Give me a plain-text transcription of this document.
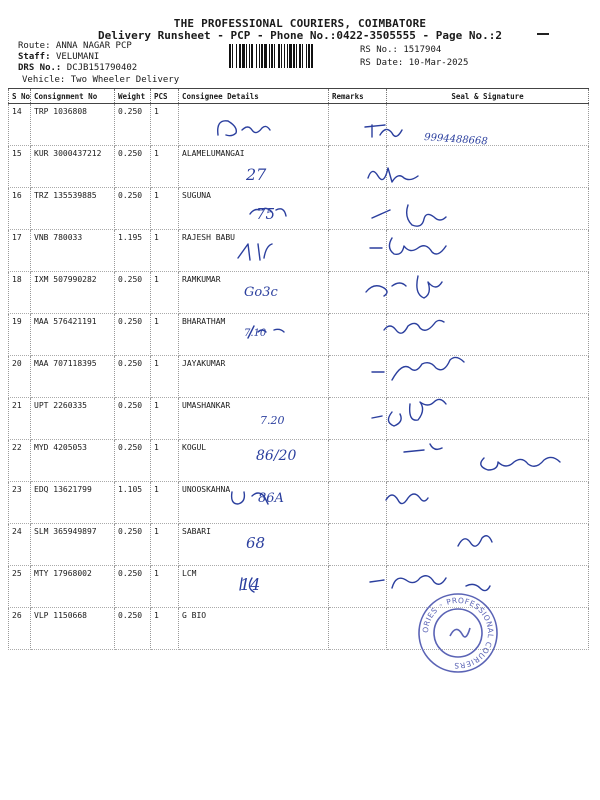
THE PROFESSIONAL COURIERS, COIMBATORE
Delivery Runsheet - PCP - Phone No.:0422-3505555 - Page No.:2
Route: ANNA NAGAR PCP
Staff: VELUMANI
DRS No.: DCJB151790402
Vehicle: Two Wheeler Delivery
RS No.: 1517904
RS Date: 10-Mar-2025
S No	Consignment No	Weight	PCS	Consignee Details	Remarks	Seal & Signature
14	TRP 1036808	0.250	1			
15	KUR 3000437212	0.250	1	ALAMELUMANGAI		
16	TRZ 135539885	0.250	1	SUGUNA		
17	VNB 780033	1.195	1	RAJESH BABU		
18	IXM 507990282	0.250	1	RAMKUMAR		
19	MAA 576421191	0.250	1	BHARATHAM		
20	MAA 707118395	0.250	1	JAYAKUMAR		
21	UPT 2260335	0.250	1	UMASHANKAR		
22	MYD 4205053	0.250	1	KOGUL		
23	EDQ 13621799	1.105	1	UNOOSKAHNA		
24	SLM 365949897	0.250	1	SABARI		
25	MTY 17968002	0.250	1	LCM		
26	VLP 1150668	0.250	1	G BIO		
9994488668
27
75
Go3c
7.10
7.20
86/20
86A
68
14
ORIES ◦ PROFESSIONAL COURIERS
